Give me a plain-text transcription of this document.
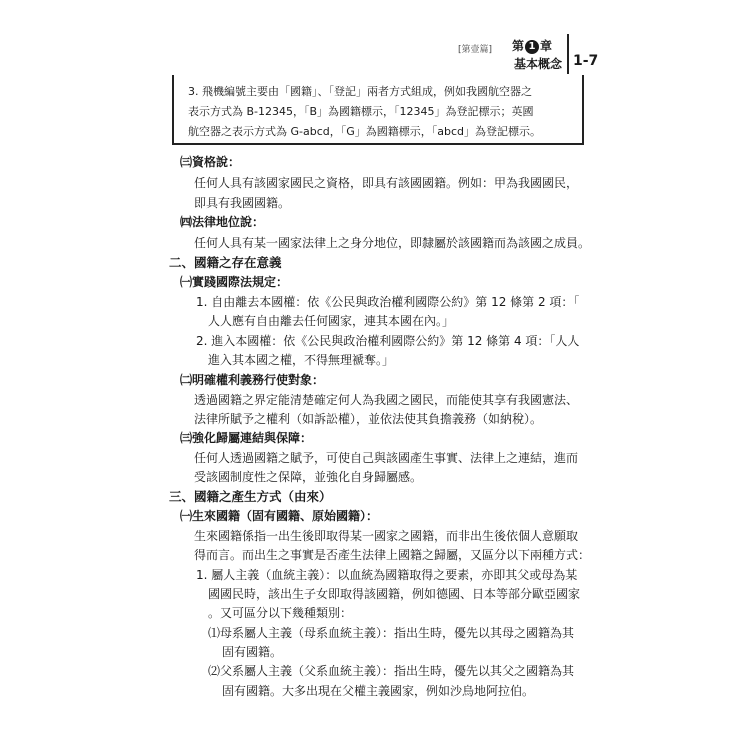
[第壹篇] 第 1 章
基本概念 1-7
3. 飛機編號主要由「國籍」、「登記」兩者方式組成，例如我國航空器之
表示方式為 B-12345，「B」為國籍標示，「12345」為登記標示；英國
航空器之表示方式為 G-abcd，「G」為國籍標示，「abcd」為登記標示。
㈢資格說：
任何人具有該國家國民之資格，即具有該國國籍。例如：甲為我國國民，
即具有我國國籍。
㈣法律地位說：
任何人具有某一國家法律上之身分地位，即隸屬於該國籍而為該國之成員。
二、國籍之存在意義
㈠實踐國際法規定：
1. 自由離去本國權：依《公民與政治權利國際公約》第 12 條第 2 項：「
人人應有自由離去任何國家，連其本國在內。」
2. 進入本國權：依《公民與政治權利國際公約》第 12 條第 4 項：「人人
進入其本國之權，不得無理褫奪。」
㈡明確權利義務行使對象：
透過國籍之界定能清楚確定何人為我國之國民，而能使其享有我國憲法、
法律所賦予之權利（如訴訟權），並依法使其負擔義務（如納稅）。
㈢強化歸屬連結與保障：
任何人透過國籍之賦予，可使自己與該國產生事實、法律上之連結，進而
受該國制度性之保障，並強化自身歸屬感。
三、國籍之產生方式（由來）
㈠生來國籍（固有國籍、原始國籍）：
生來國籍係指一出生後即取得某一國家之國籍，而非出生後依個人意願取
得而言。而出生之事實是否產生法律上國籍之歸屬，又區分以下兩種方式：
1. 屬人主義（血統主義）：以血統為國籍取得之要素，亦即其父或母為某
國國民時，該出生子女即取得該國籍，例如德國、日本等部分歐亞國家
。又可區分以下幾種類別：
⑴母系屬人主義（母系血統主義）：指出生時，優先以其母之國籍為其
固有國籍。
⑵父系屬人主義（父系血統主義）：指出生時，優先以其父之國籍為其
固有國籍。大多出現在父權主義國家，例如沙烏地阿拉伯。
